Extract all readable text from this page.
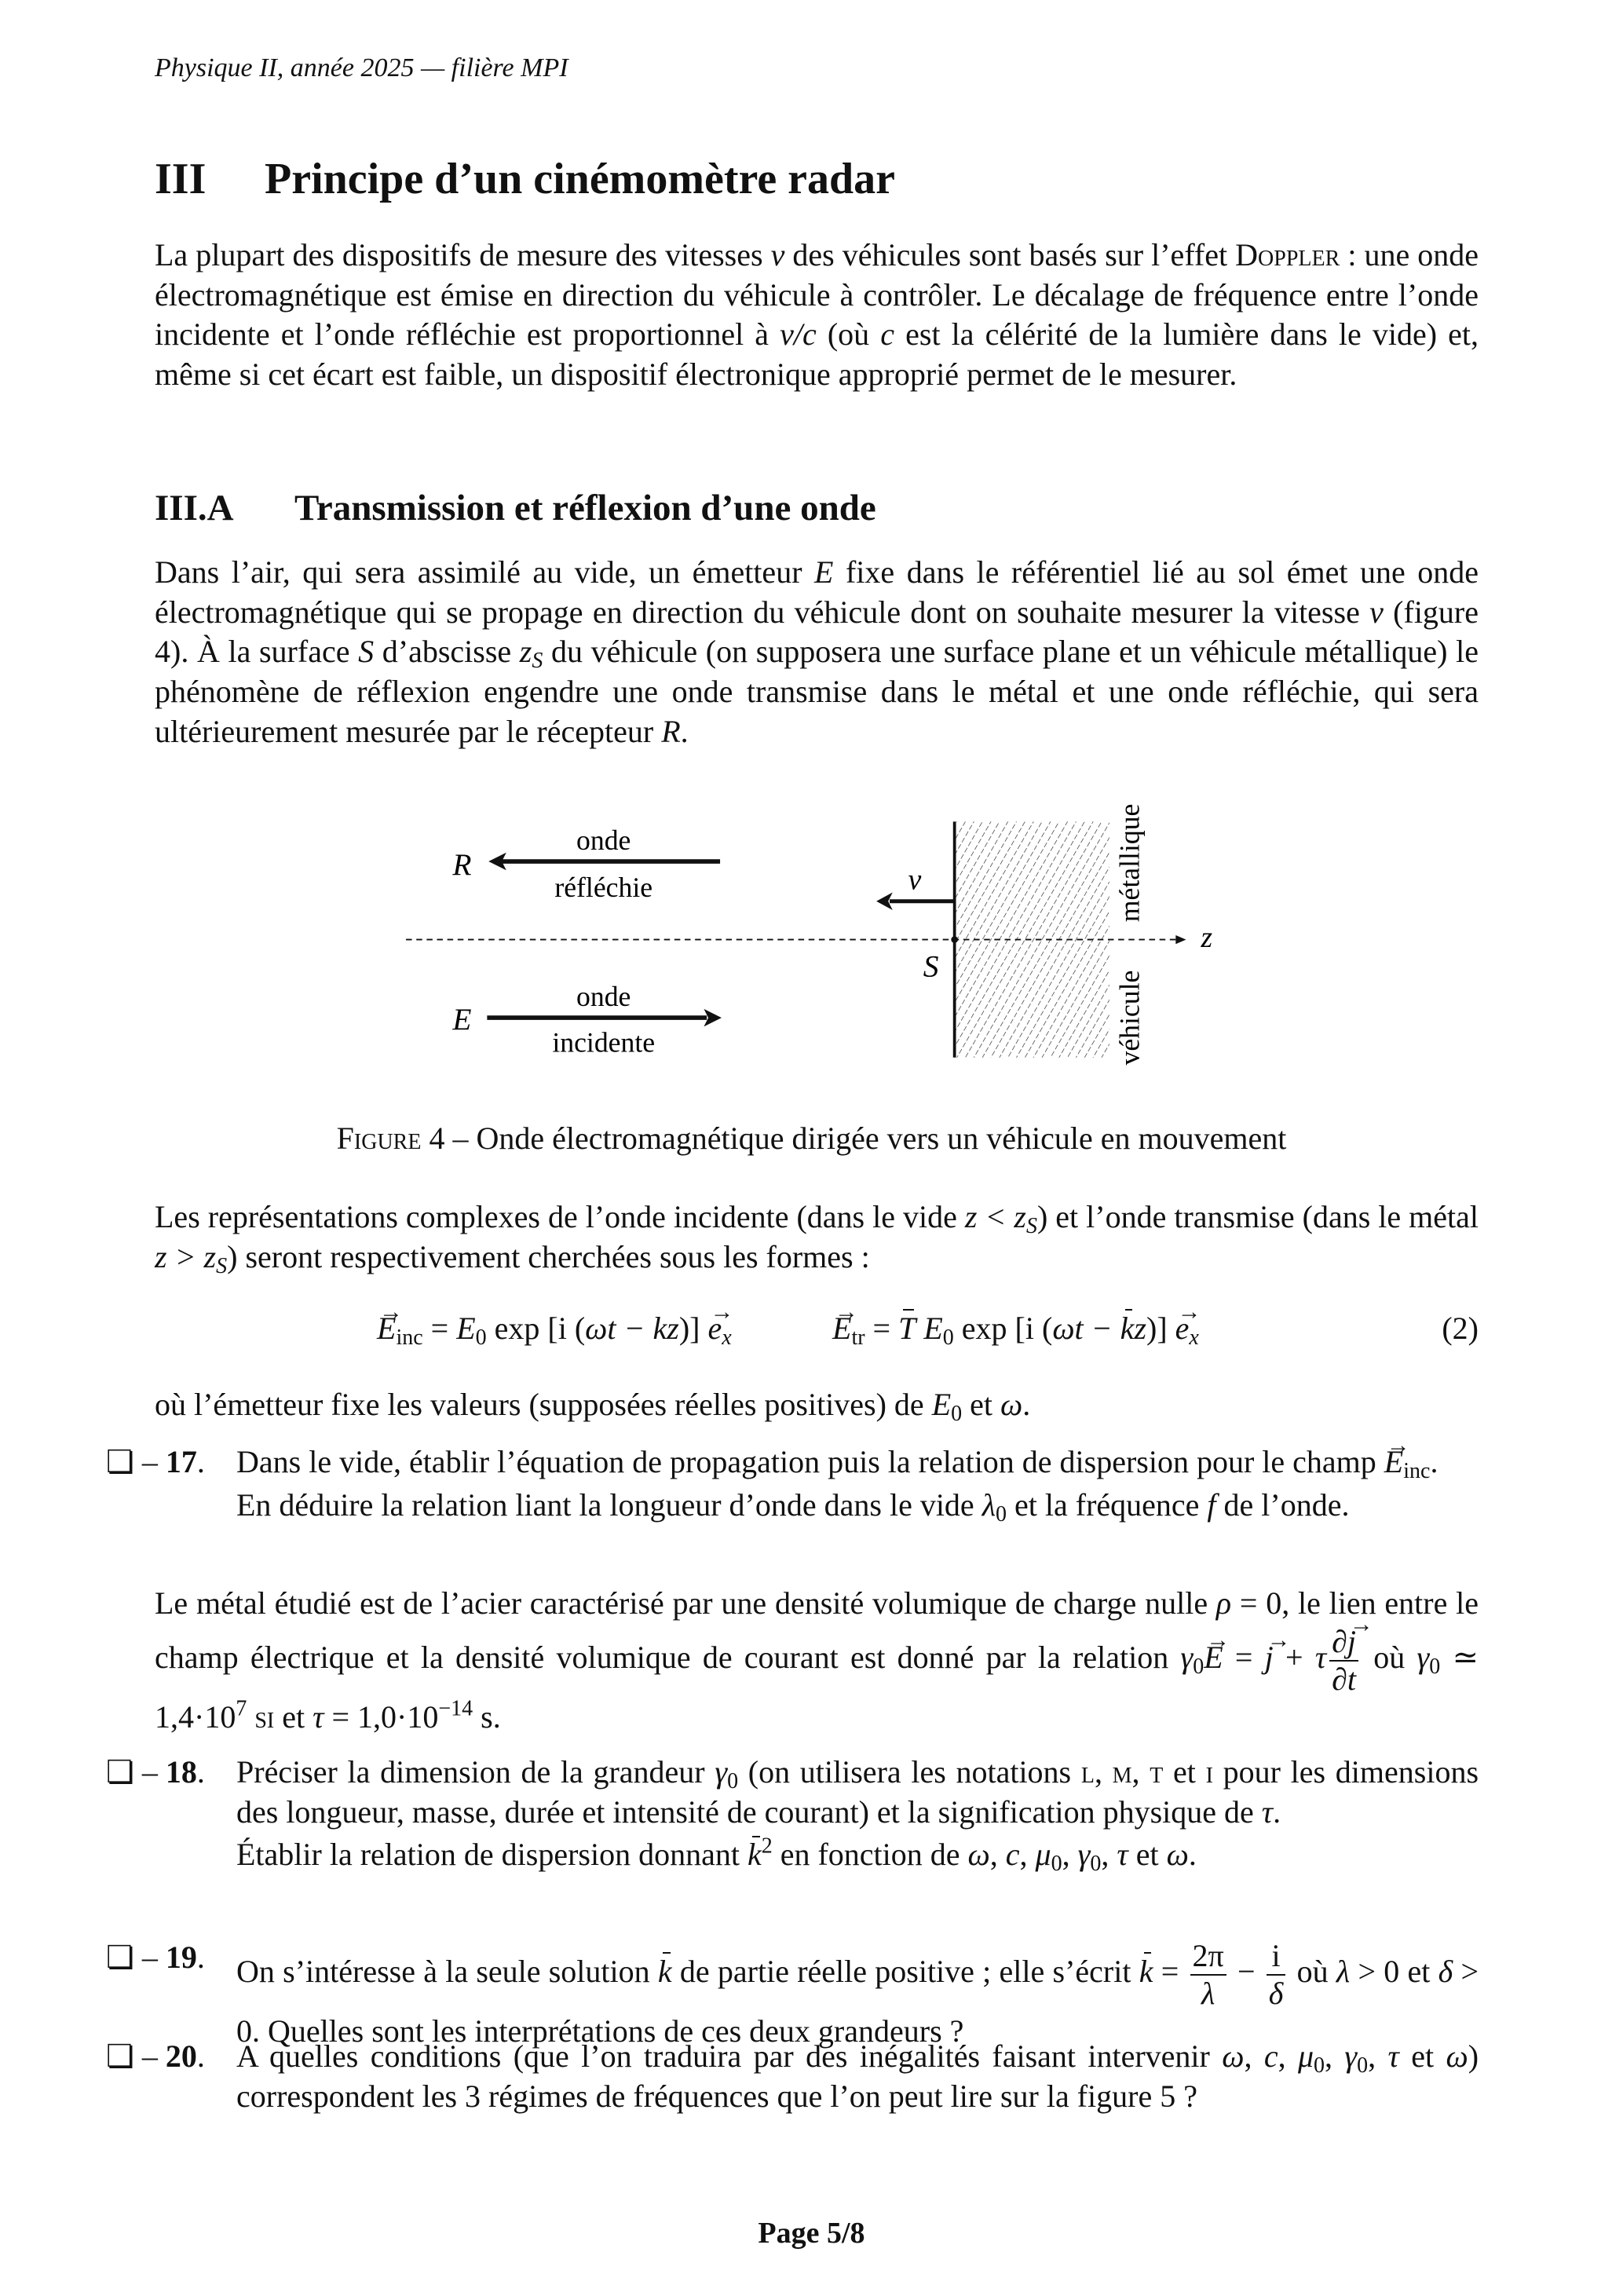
Physique II, année 2025 — filière MPI
III Principe d’un cinémomètre radar
La plupart des dispositifs de mesure des vitesses v des véhicules sont basés sur l’effet Doppler : une onde électromagnétique est émise en direction du véhicule à contrôler. Le décalage de fréquence entre l’onde incidente et l’onde réfléchie est proportionnel à v/c (où c est la célérité de la lumière dans le vide) et, même si cet écart est faible, un dispositif électronique approprié permet de le mesurer.
III.A Transmission et réflexion d’une onde
Dans l’air, qui sera assimilé au vide, un émetteur E fixe dans le référentiel lié au sol émet une onde électromagnétique qui se propage en direction du véhicule dont on souhaite mesurer la vitesse v (figure 4). À la surface S d’abscisse zS du véhicule (on supposera une surface plane et un véhicule métallique) le phénomène de réflexion engendre une onde transmise dans le métal et une onde réfléchie, qui sera ultérieurement mesurée par le récepteur R.
R
E
onde
réfléchie
onde
incidente
v
S
z
métallique
véhicule
Figure 4 – Onde électromagnétique dirigée vers un véhicule en mouvement
Les représentations complexes de l’onde incidente (dans le vide z < zS) et l’onde transmise (dans le métal z > zS) seront respectivement cherchées sous les formes :
→ $E_{inc} = E_0$ exp [i (ωt − kz)] → ex	→ $E_{tr} = T$ $E_0$ exp [i (ωt − kz)] → ex	(2)
où l’émetteur fixe les valeurs (supposées réelles positives) de $E_0$ et ω.
❏ – 17. Dans le vide, établir l’équation de propagation puis la relation de dispersion pour le champ → $E_{inc}$.

En déduire la relation liant la longueur d’onde dans le vide $\lambda_0$ et la fréquence f de l’onde.

Le métal étudié est de l’acier caractérisé par une densité volumique de charge nulle ρ = 0, le lien entre le champ électrique et la densité volumique de courant est donné par la relation $\gamma_0\to E$ = → j + τ $\frac{\partial\to j}{\partial t}$ où $\gamma_0$ ≃ $1,4\cdot 10^7$ si et $\tau = 1,0\cdot 10^{-14}$ s.
❏ – 18. Préciser la dimension de la grandeur $\gamma_0$ (on utilisera les notations l, m, t et i pour les dimensions des longueur, masse, durée et intensité de courant) et la signification physique de τ.

Établir la relation de dispersion donnant $k^2$ en fonction de ω, c, $\mu_0$, $\gamma_0$, τ et ω.

❏ – 19. On s’intéresse à la seule solution k de partie réelle positive ; elle s’écrit $k = \frac{2\pi}{\lambda} - \frac{i}{\delta}$ où λ > 0 et δ > 0. Quelles sont les interprétations de ces deux grandeurs ?

❏ – 20. A quelles conditions (que l’on traduira par des inégalités faisant intervenir ω, c, $\mu_0$, $\gamma_0$, τ et ω) correspondent les 3 régimes de fréquences que l’on peut lire sur la figure 5 ?

Page 5/8
